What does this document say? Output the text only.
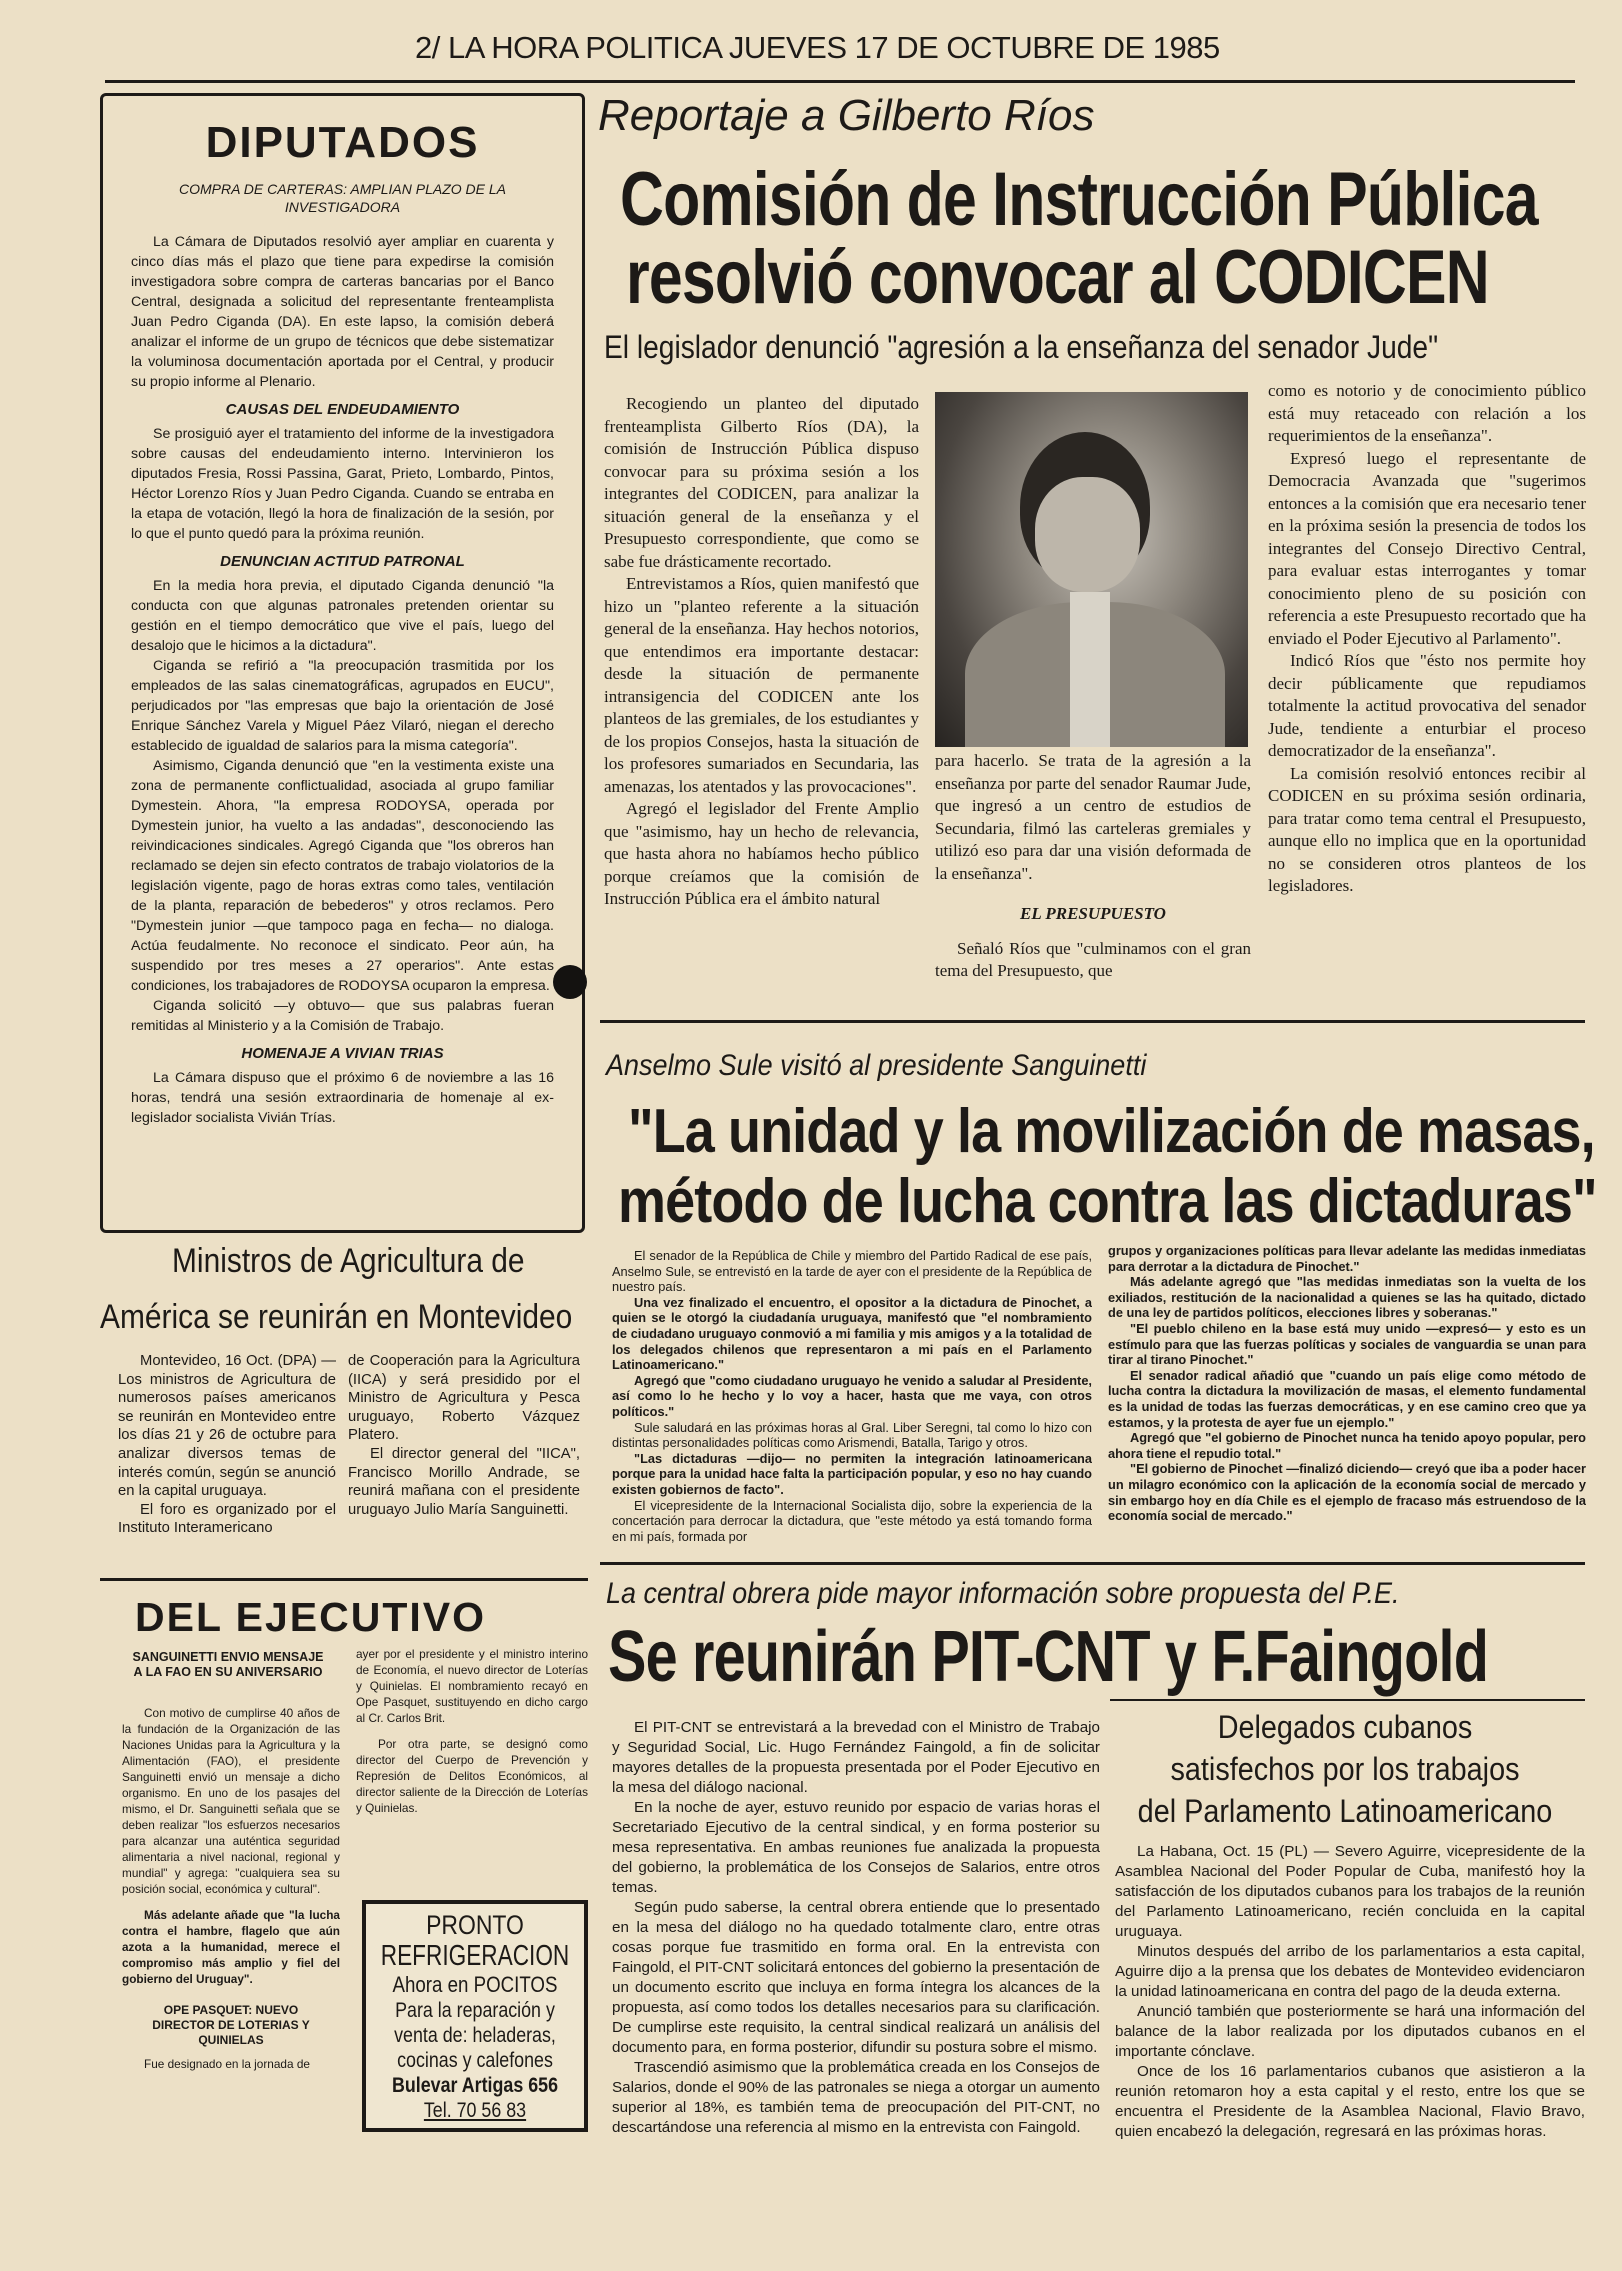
2/ LA HORA POLITICA JUEVES 17 DE OCTUBRE DE 1985
DIPUTADOS
COMPRA DE CARTERAS: AMPLIAN PLAZO DE LA INVESTIGADORA

La Cámara de Diputados resolvió ayer ampliar en cuarenta y cinco días más el plazo que tiene para expedirse la comisión investigadora sobre compra de carteras bancarias por el Banco Central, designada a solicitud del representante frenteamplista Juan Pedro Ciganda (DA). En este lapso, la comisión deberá analizar el informe de un grupo de técnicos que debe sistematizar la voluminosa documentación aportada por el Central, y producir su propio informe al Plenario.

CAUSAS DEL ENDEUDAMIENTO

Se prosiguió ayer el tratamiento del informe de la investigadora sobre causas del endeudamiento interno. Intervinieron los diputados Fresia, Rossi Passina, Garat, Prieto, Lombardo, Pintos, Héctor Lorenzo Ríos y Juan Pedro Ciganda. Cuando se entraba en la etapa de votación, llegó la hora de finalización de la sesión, por lo que el punto quedó para la próxima reunión.

DENUNCIAN ACTITUD PATRONAL

En la media hora previa, el diputado Ciganda denunció "la conducta con que algunas patronales pretenden orientar su gestión en el tiempo democrático que vive el país, luego del desalojo que le hicimos a la dictadura".

Ciganda se refirió a "la preocupación trasmitida por los empleados de las salas cinematográficas, agrupados en EUCU", perjudicados por "las empresas que bajo la orientación de José Enrique Sánchez Varela y Miguel Páez Vilaró, niegan el derecho establecido de igualdad de salarios para la misma categoría".

Asimismo, Ciganda denunció que "en la vestimenta existe una zona de permanente conflictualidad, asociada al grupo familiar Dymestein. Ahora, "la empresa RODOYSA, operada por Dymestein junior, ha vuelto a las andadas", desconociendo las reivindicaciones sindicales. Agregó Ciganda que "los obreros han reclamado se dejen sin efecto contratos de trabajo violatorios de la legislación vigente, pago de horas extras como tales, ventilación de la planta, reparación de bebederos" y otros reclamos. Pero "Dymestein junior —que tampoco paga en fecha— no dialoga. Actúa feudalmente. No reconoce el sindicato. Peor aún, ha suspendido por tres meses a 27 operarios". Ante estas condiciones, los trabajadores de RODOYSA ocuparon la empresa.

Ciganda solicitó —y obtuvo— que sus palabras fueran remitidas al Ministerio y a la Comisión de Trabajo.

HOMENAJE A VIVIAN TRIAS

La Cámara dispuso que el próximo 6 de noviembre a las 16 horas, tendrá una sesión extraordinaria de homenaje al ex-legislador socialista Vivián Trías.

Reportaje a Gilberto Ríos
Comisión de Instrucción Pública
resolvió convocar al CODICEN
El legislador denunció "agresión a la enseñanza del senador Jude"

Recogiendo un planteo del diputado frenteamplista Gilberto Ríos (DA), la comisión de Instrucción Pública dispuso convocar para su próxima sesión a los integrantes del CODICEN, para analizar la situación general de la enseñanza y el Presupuesto correspondiente, que como se sabe fue drásticamente recortado.

Entrevistamos a Ríos, quien manifestó que hizo un "planteo referente a la situación general de la enseñanza. Hay hechos notorios, que entendimos era importante destacar: desde la situación de permanente intransigencia del CODICEN ante los planteos de las gremiales, de los estudiantes y de los propios Consejos, hasta la situación de los profesores sumariados en Secundaria, las amenazas, los atentados y las provocaciones".

Agregó el legislador del Frente Amplio que "asimismo, hay un hecho de relevancia, que hasta ahora no habíamos hecho público porque creíamos que la comisión de Instrucción Pública era el ámbito natural

para hacerlo. Se trata de la agresión a la enseñanza por parte del senador Raumar Jude, que ingresó a un centro de estudios de Secundaria, filmó las carteleras gremiales y utilizó eso para dar una visión deformada de la enseñanza".

EL PRESUPUESTO

Señaló Ríos que "culminamos con el gran tema del Presupuesto, que

como es notorio y de conocimiento público está muy retaceado con relación a los requerimientos de la enseñanza".

Expresó luego el representante de Democracia Avanzada que "sugerimos entonces a la comisión que era necesario tener en la próxima sesión la presencia de todos los integrantes del Consejo Directivo Central, para evaluar estas interrogantes y tomar conocimiento pleno de su posición con referencia a este Presupuesto recortado que ha enviado el Poder Ejecutivo al Parlamento".

Indicó Ríos que "ésto nos permite hoy decir públicamente que repudiamos totalmente la actitud provocativa del senador Jude, tendiente a enturbiar el proceso democratizador de la enseñanza".

La comisión resolvió entonces recibir al CODICEN en su próxima sesión ordinaria, para tratar como tema central el Presupuesto, aunque ello no implica que en la oportunidad no se consideren otros planteos de los legisladores.

Anselmo Sule visitó al presidente Sanguinetti
"La unidad y la movilización de masas,
método de lucha contra las dictaduras"

El senador de la República de Chile y miembro del Partido Radical de ese país, Anselmo Sule, se entrevistó en la tarde de ayer con el presidente de la República de nuestro país.

Una vez finalizado el encuentro, el opositor a la dictadura de Pinochet, a quien se le otorgó la ciudadanía uruguaya, manifestó que "el nombramiento de ciudadano uruguayo conmovió a mi familia y mis amigos y a la totalidad de los delegados chilenos que representaron a mi país en el Parlamento Latinoamericano."

Agregó que "como ciudadano uruguayo he venido a saludar al Presidente, así como lo he hecho y lo voy a hacer, hasta que me vaya, con otros políticos."

Sule saludará en las próximas horas al Gral. Liber Seregni, tal como lo hizo con distintas personalidades políticas como Arismendi, Batalla, Tarigo y otros.

"Las dictaduras —dijo— no permiten la integración latinoamericana porque para la unidad hace falta la participación popular, y eso no hay cuando existen gobiernos de facto".

El vicepresidente de la Internacional Socialista dijo, sobre la experiencia de la concertación para derrocar la dictadura, que "este método ya está tomando forma en mi país, formada por

grupos y organizaciones políticas para llevar adelante las medidas inmediatas para derrotar a la dictadura de Pinochet."

Más adelante agregó que "las medidas inmediatas son la vuelta de los exiliados, restitución de la nacionalidad a quienes se las ha quitado, dictado de una ley de partidos políticos, elecciones libres y soberanas."

"El pueblo chileno en la base está muy unido —expresó— y esto es un estímulo para que las fuerzas políticas y sociales de vanguardia se unan para tirar al tirano Pinochet."

El senador radical añadió que "cuando un país elige como método de lucha contra la dictadura la movilización de masas, el elemento fundamental es la unidad de todas las fuerzas democráticas, y en ese camino creo que ya estamos, y la protesta de ayer fue un ejemplo."

Agregó que "el gobierno de Pinochet nunca ha tenido apoyo popular, pero ahora tiene el repudio total."

"El gobierno de Pinochet —finalizó diciendo— creyó que iba a poder hacer un milagro económico con la aplicación de la economía social de mercado y sin embargo hoy en día Chile es el ejemplo de fracaso más estruendoso de la economía social de mercado."

Ministros de Agricultura de
América se reunirán en Montevideo

Montevideo, 16 Oct. (DPA) — Los ministros de Agricultura de numerosos países americanos se reunirán en Montevideo entre los días 21 y 26 de octubre para analizar diversos temas de interés común, según se anunció en la capital uruguaya.

El foro es organizado por el Instituto Interamericano

de Cooperación para la Agricultura (IICA) y será presidido por el Ministro de Agricultura y Pesca uruguayo, Roberto Vázquez Platero.

El director general del "IICA", Francisco Morillo Andrade, se reunirá mañana con el presidente uruguayo Julio María Sanguinetti.

DEL EJECUTIVO
SANGUINETTI ENVIO MENSAJE A LA FAO EN SU ANIVERSARIO

Con motivo de cumplirse 40 años de la fundación de la Organización de las Naciones Unidas para la Agricultura y la Alimentación (FAO), el presidente Sanguinetti envió un mensaje a dicho organismo. En uno de los pasajes del mismo, el Dr. Sanguinetti señala que se deben realizar "los esfuerzos necesarios para alcanzar una auténtica seguridad alimentaria a nivel nacional, regional y mundial" y agrega: "cualquiera sea su posición social, económica y cultural".

Más adelante añade que "la lucha contra el hambre, flagelo que aún azota a la humanidad, merece el compromiso más amplio y fiel del gobierno del Uruguay".

OPE PASQUET: NUEVO DIRECTOR DE LOTERIAS Y QUINIELAS

Fue designado en la jornada de

ayer por el presidente y el ministro interino de Economía, el nuevo director de Loterías y Quinielas. El nombramiento recayó en Ope Pasquet, sustituyendo en dicho cargo al Cr. Carlos Brit.

Por otra parte, se designó como director del Cuerpo de Prevención y Represión de Delitos Económicos, al director saliente de la Dirección de Loterías y Quinielas.

PRONTO
REFRIGERACION
Ahora en POCITOS
Para la reparación y
venta de: heladeras,
cocinas y calefones
Bulevar Artigas 656
Tel. 70 56 83
La central obrera pide mayor información sobre propuesta del P.E.
Se reunirán PIT-CNT y F.Faingold

El PIT-CNT se entrevistará a la brevedad con el Ministro de Trabajo y Seguridad Social, Lic. Hugo Fernández Faingold, a fin de solicitar mayores detalles de la propuesta presentada por el Poder Ejecutivo en la mesa del diálogo nacional.

En la noche de ayer, estuvo reunido por espacio de varias horas el Secretariado Ejecutivo de la central sindical, y en forma posterior su mesa representativa. En ambas reuniones fue analizada la propuesta del gobierno, la problemática de los Consejos de Salarios, entre otros temas.

Según pudo saberse, la central obrera entiende que lo presentado en la mesa del diálogo no ha quedado totalmente claro, entre otras cosas porque fue trasmitido en forma oral. En la entrevista con Faingold, el PIT-CNT solicitará entonces del gobierno la presentación de un documento escrito que incluya en forma íntegra los alcances de la propuesta, así como todos los detalles necesarios para su clarificación. De cumplirse este requisito, la central sindical realizará un análisis del documento para, en forma posterior, difundir su postura sobre el mismo.

Trascendió asimismo que la problemática creada en los Consejos de Salarios, donde el 90% de las patronales se niega a otorgar un aumento superior al 18%, es también tema de preocupación del PIT-CNT, no descartándose una referencia al mismo en la entrevista con Faingold.

Delegados cubanos
satisfechos por los trabajos
del Parlamento Latinoamericano

La Habana, Oct. 15 (PL) — Severo Aguirre, vicepresidente de la Asamblea Nacional del Poder Popular de Cuba, manifestó hoy la satisfacción de los diputados cubanos para los trabajos de la reunión del Parlamento Latinoamericano, recién concluida en la capital uruguaya.

Minutos después del arribo de los parlamentarios a esta capital, Aguirre dijo a la prensa que los debates de Montevideo evidenciaron la unidad latinoamericana en contra del pago de la deuda externa.

Anunció también que posteriormente se hará una información del balance de la labor realizada por los diputados cubanos en el importante cónclave.

Once de los 16 parlamentarios cubanos que asistieron a la reunión retomaron hoy a esta capital y el resto, entre los que se encuentra el Presidente de la Asamblea Nacional, Flavio Bravo, quien encabezó la delegación, regresará en las próximas horas.
